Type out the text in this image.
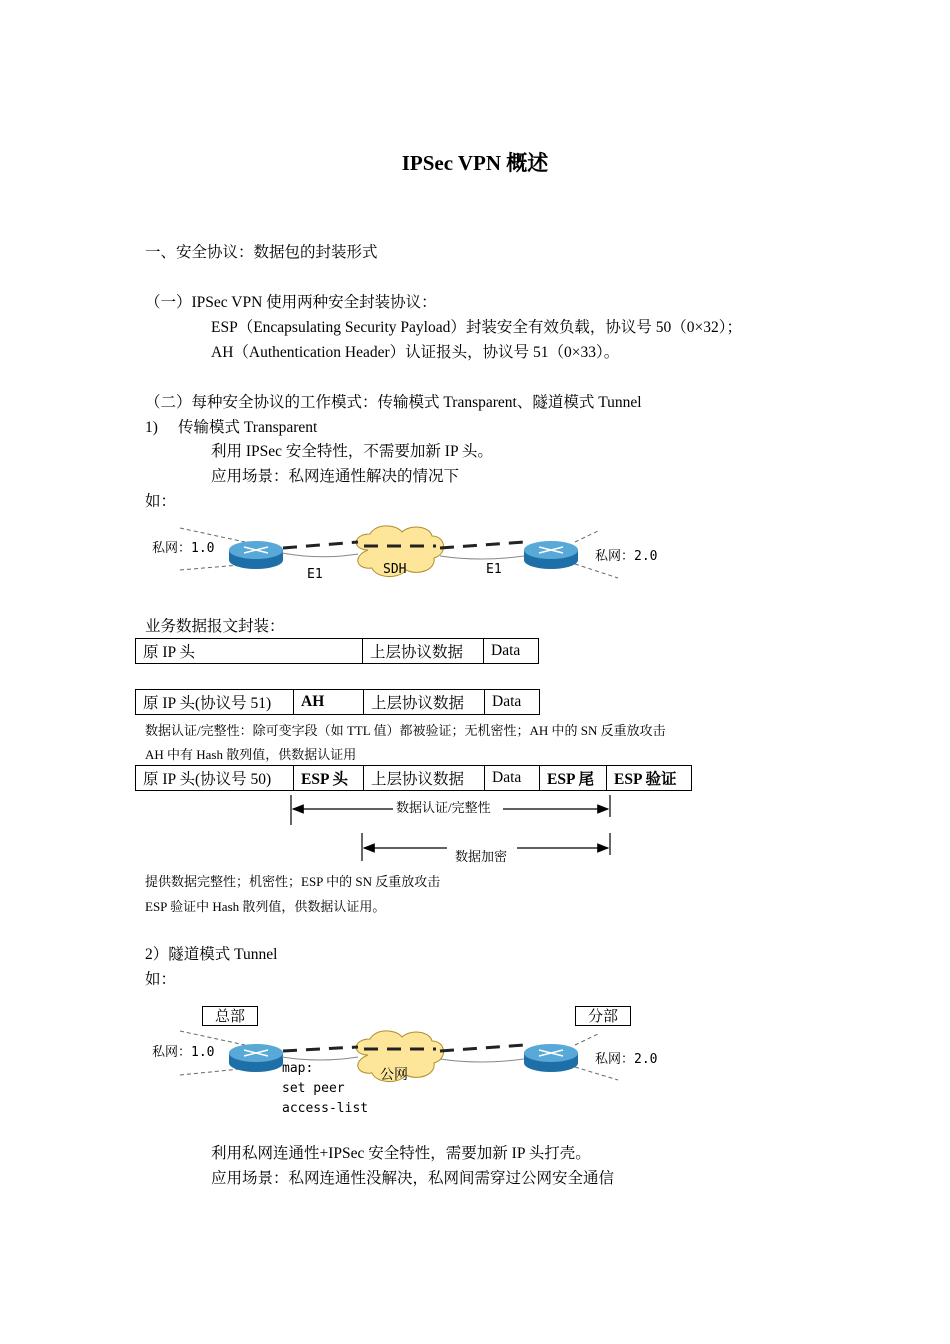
IPSec VPN 概述
一、安全协议：数据包的封装形式
（一）IPSec VPN 使用两种安全封装协议：
ESP（Encapsulating Security Payload）封装安全有效负载，协议号 50（0×32）；
AH（Authentication Header）认证报头，协议号 51（0×33）。
（二）每种安全协议的工作模式：传输模式 Transparent、隧道模式 Tunnel
1) 传输模式 Transparent
利用 IPSec 安全特性，不需要加新 IP 头。
应用场景：私网连通性解决的情况下
如：
私网：1.0
私网：2.0
SDH
E1	E1
业务数据报文封装：
原 IP 头	上层协议数据	Data
原 IP 头(协议号 51)	AH	上层协议数据	Data
数据认证/完整性：除可变字段（如 TTL 值）都被验证；无机密性；AH 中的 SN 反重放攻击
AH 中有 Hash 散列值，供数据认证用
原 IP 头(协议号 50)	ESP 头	上层协议数据	Data	ESP 尾	ESP 验证
数据认证/完整性
数据加密
提供数据完整性；机密性；ESP 中的 SN 反重放攻击
ESP 验证中 Hash 散列值，供数据认证用。
2）隧道模式 Tunnel
如：
总部	分部
私网：1.0	私网：2.0
公网
map:
set peer
access-list
利用私网连通性+IPSec 安全特性，需要加新 IP 头打壳。
应用场景：私网连通性没解决，私网间需穿过公网安全通信
